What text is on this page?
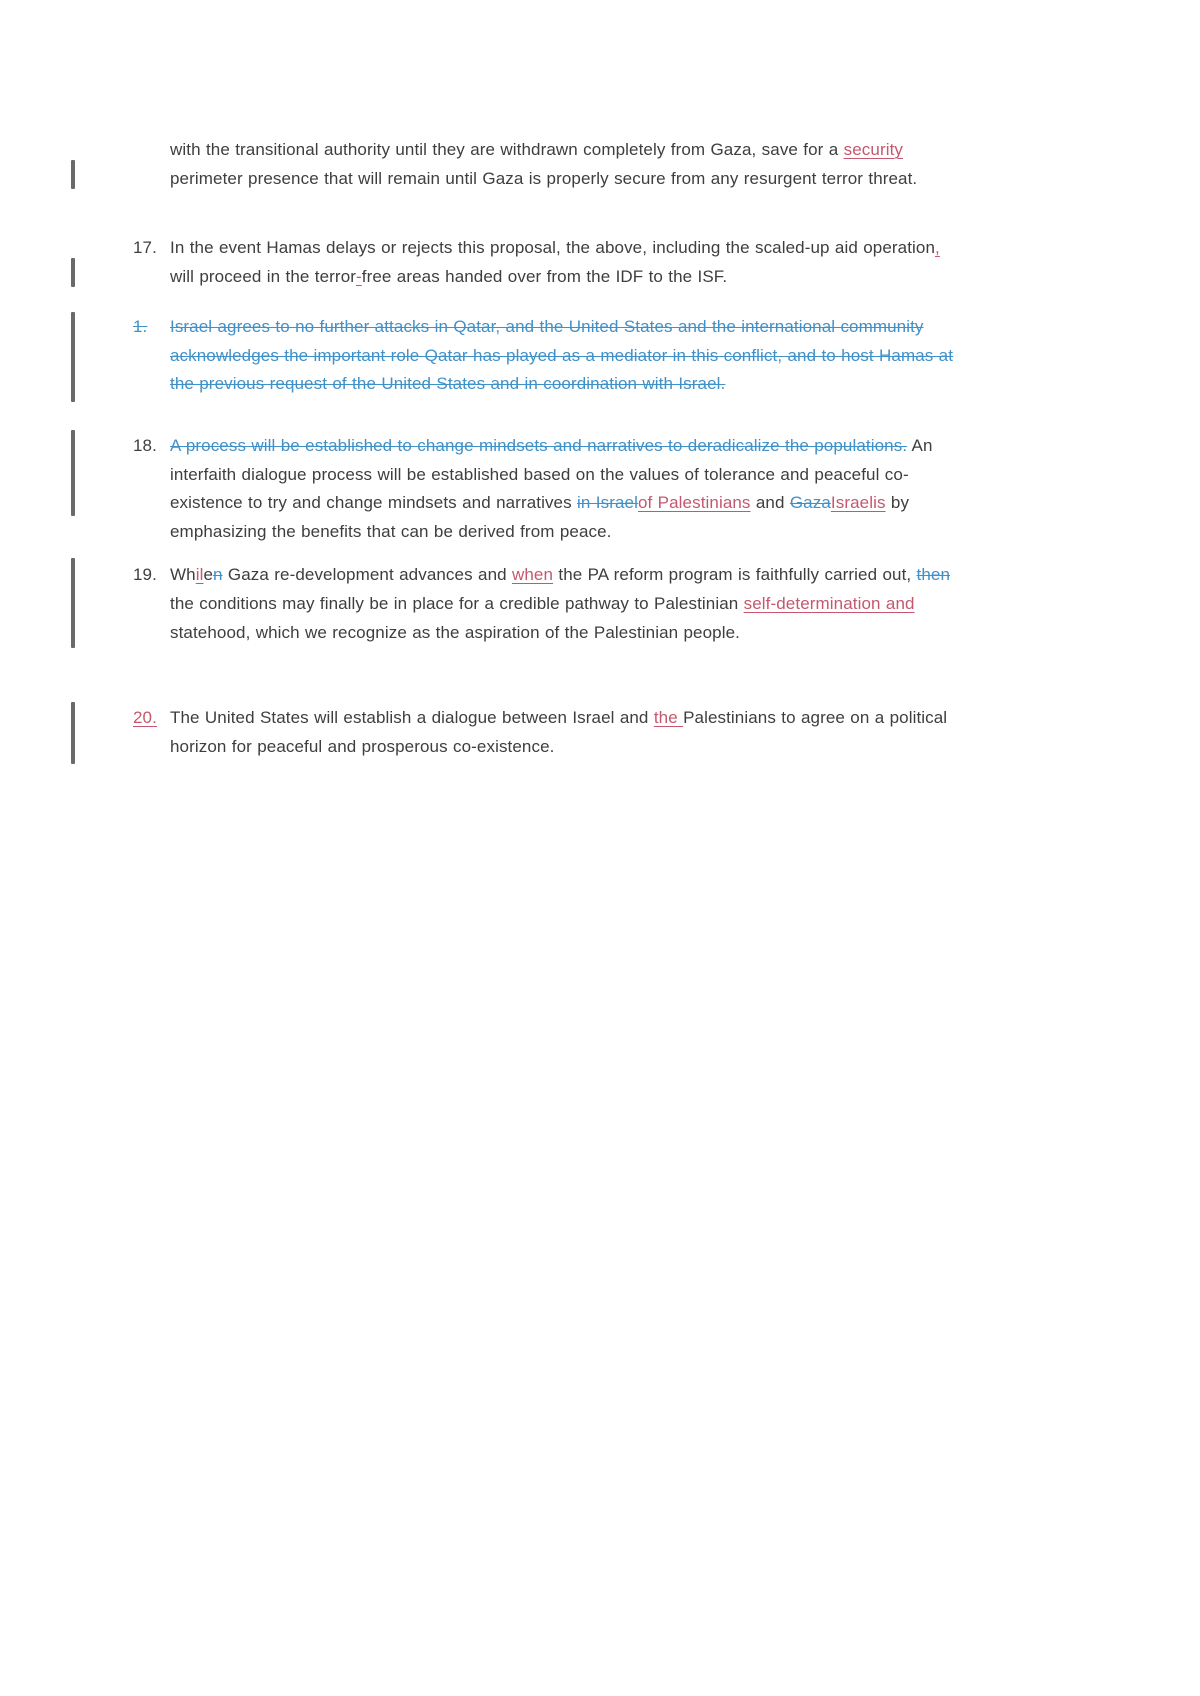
with the transitional authority until they are withdrawn completely from Gaza, save for a security perimeter presence that will remain until Gaza is properly secure from any resurgent terror threat.
17. In the event Hamas delays or rejects this proposal, the above, including the scaled-up aid operation, will proceed in the terror-free areas handed over from the IDF to the ISF.
1.	Israel agrees to no further attacks in Qatar, and the United States and the international community acknowledges the important role Qatar has played as a mediator in this conflict, and to host Hamas at the previous request of the United States and in coordination with Israel.
18. A process will be established to change mindsets and narratives to deradicalize the populations. An interfaith dialogue process will be established based on the values of tolerance and peaceful co-existence to try and change mindsets and narratives in Israelof Palestinians and GazaIsraelis by emphasizing the benefits that can be derived from peace.
19. Whilen Gaza re-development advances and when the PA reform program is faithfully carried out, then the conditions may finally be in place for a credible pathway to Palestinian self-determination and statehood, which we recognize as the aspiration of the Palestinian people.
20. The United States will establish a dialogue between Israel and the Palestinians to agree on a political horizon for peaceful and prosperous co-existence.
